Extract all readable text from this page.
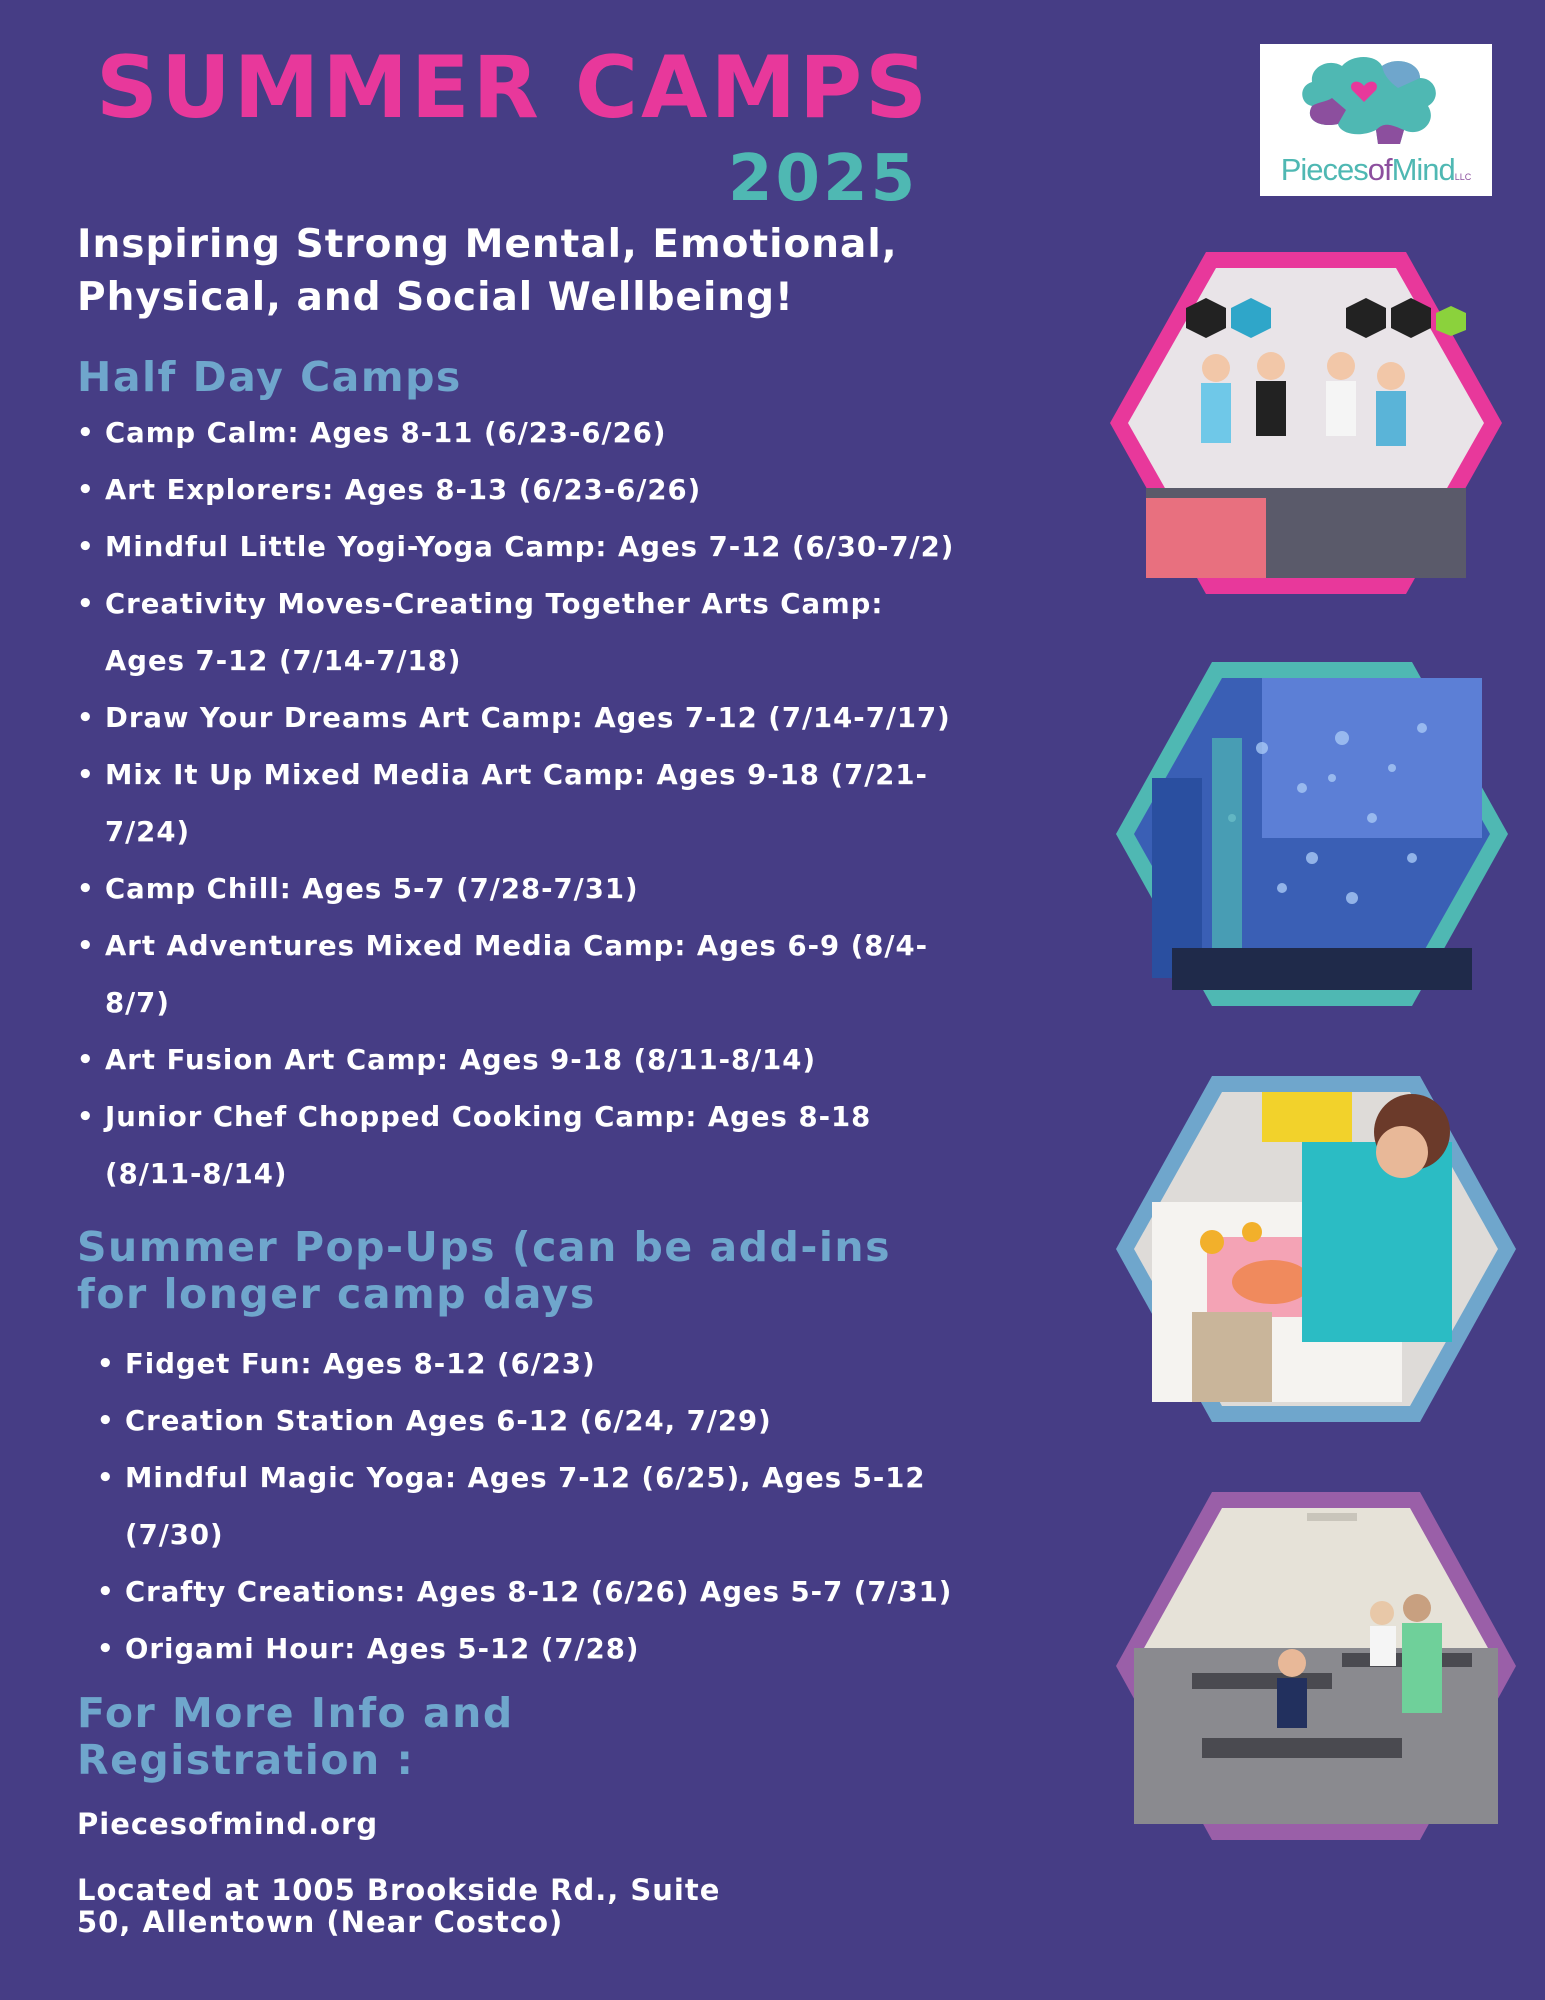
SUMMER CAMPS
2025	PiecesofMindLLC
Inspiring Strong Mental, Emotional, Physical, and Social Wellbeing!
Half Day Camps
• Camp Calm: Ages 8-11 (6/23-6/26)
• Art Explorers: Ages 8-13 (6/23-6/26)
• Mindful Little Yogi-Yoga Camp: Ages 7-12 (6/30-7/2)
• Creativity Moves-Creating Together Arts Camp: Ages 7-12 (7/14-7/18)
• Draw Your Dreams Art Camp: Ages 7-12 (7/14-7/17)
• Mix It Up Mixed Media Art Camp: Ages 9-18 (7/21-7/24)
• Camp Chill: Ages 5-7 (7/28-7/31)
• Art Adventures Mixed Media Camp: Ages 6-9 (8/4-8/7)
• Art Fusion Art Camp: Ages 9-18 (8/11-8/14)
• Junior Chef Chopped Cooking Camp: Ages 8-18 (8/11-8/14)
Summer Pop-Ups (can be add-ins for longer camp days
• Fidget Fun: Ages 8-12 (6/23)
• Creation Station Ages 6-12 (6/24, 7/29)
• Mindful Magic Yoga: Ages 7-12 (6/25), Ages 5-12 (7/30)
• Crafty Creations: Ages 8-12 (6/26) Ages 5-7 (7/31)
• Origami Hour: Ages 5-12 (7/28)
For More Info and Registration :
Piecesofmind.org
Located at 1005 Brookside Rd., Suite 50, Allentown (Near Costco)
